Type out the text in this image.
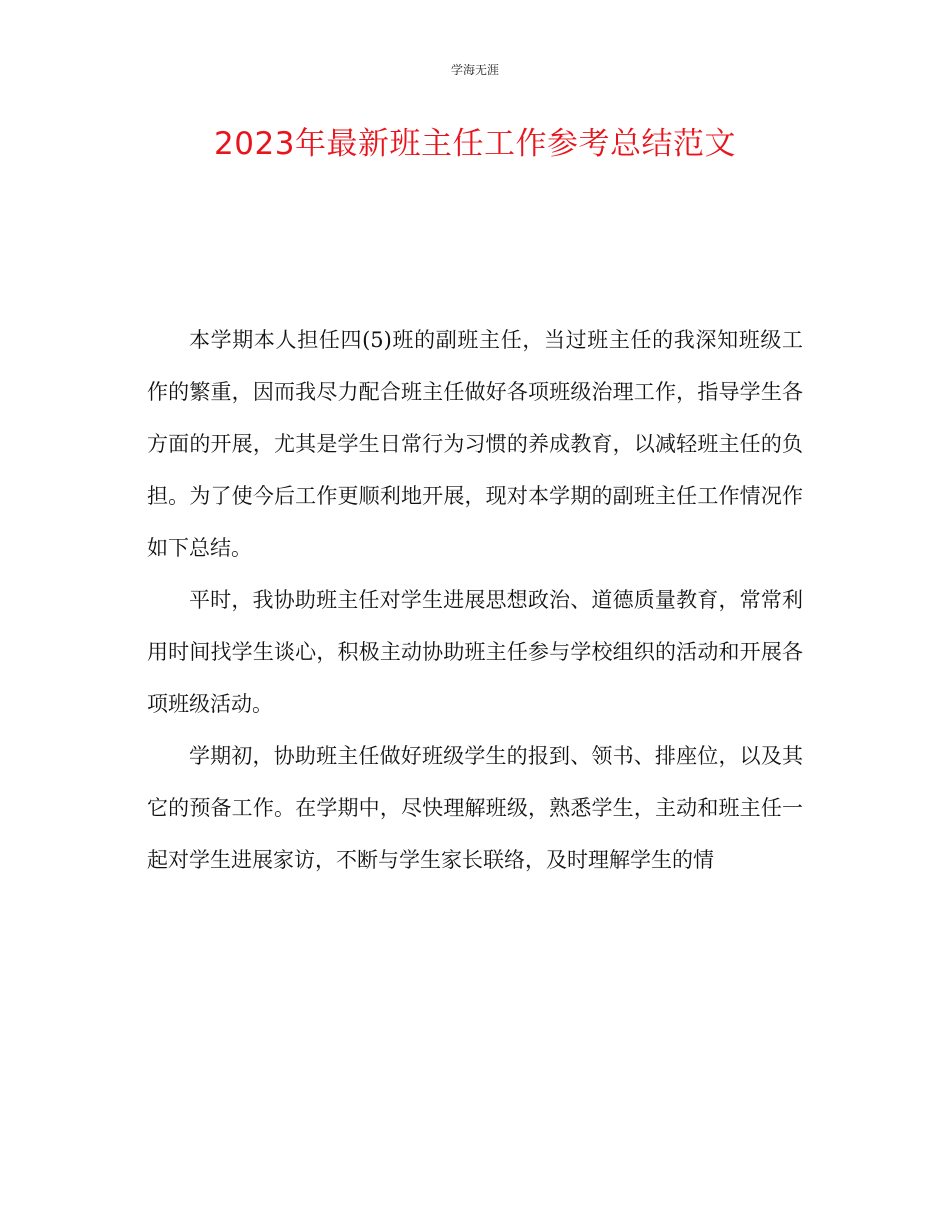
学海无涯
2023年最新班主任工作参考总结范文

本学期本人担任四(5)班的副班主任，当过班主任的我深知班级工作的繁重，因而我尽力配合班主任做好各项班级治理工作，指导学生各方面的开展，尤其是学生日常行为习惯的养成教育，以减轻班主任的负担。为了使今后工作更顺利地开展，现对本学期的副班主任工作情况作如下总结。

平时，我协助班主任对学生进展思想政治、道德质量教育，常常利用时间找学生谈心，积极主动协助班主任参与学校组织的活动和开展各项班级活动。

学期初，协助班主任做好班级学生的报到、领书、排座位，以及其它的预备工作。在学期中，尽快理解班级，熟悉学生，主动和班主任一起对学生进展家访，不断与学生家长联络，及时理解学生的情
